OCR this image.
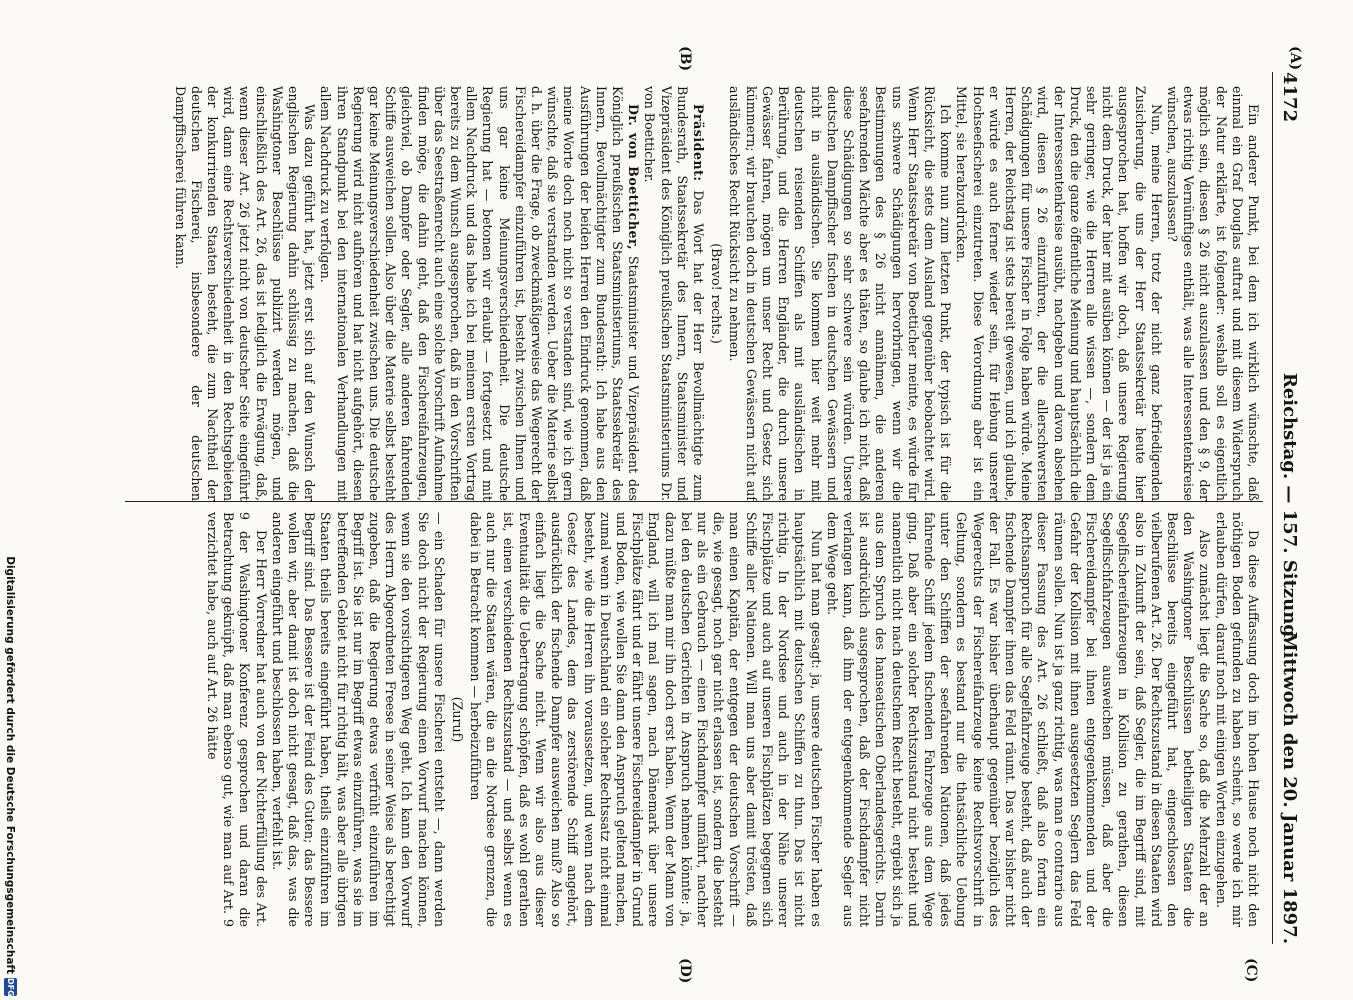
4172
Reichstag. — 157. Sitzung.
Mittwoch den 20. Januar 1897.
(A)
(B)
(C)
(D)

Ein anderer Punkt, bei dem ich wirklich wünschte, daß einmal ein Graf Douglas auftrat und mit diesem Widerspruch der Natur erklärte, ist folgender: weshalb soll es eigentlich möglich sein, diesen § 26 nicht auszulassen und den § 9, der etwas richtig Vernünftiges enthält, was alle Interessentenkreise wünschen, auszulassen?

Nun, meine Herren, trotz der nicht ganz befriedigenden Zusicherung, die uns der Herr Staatssekretär heute hier ausgesprochen hat, hoffen wir doch, daß unsere Regierung nicht dem Druck, der hier mit ausüben können — der ist ja ein sehr geringer, wie die Herren alle wissen —, sondern dem Druck, den die ganze öffentliche Meinung und hauptsächlich die der Interessentenkreise ausübt, nachgeben und davon absehen wird, diesen § 26 einzuführen, der die allerschwersten Schädigungen für unsere Fischer in Folge haben würde. Meine Herren, der Reichstag ist stets bereit gewesen, und ich glaube, er würde es auch ferner wieder sein, für Hebung unserer Hochseefischerei einzutreten. Diese Verordnung aber ist ein Mittel, sie herabzudrücken.

Ich komme nun zum letzten Punkt, der typisch ist für die Rücksicht, die stets dem Ausland gegenüber beobachtet wird. Wenn Herr Staatssekretär von Boetticher meinte, es würde für uns schwere Schädigungen hervorbringen, wenn wir die Bestimmungen des § 26 nicht annähmen, die anderen seefahrenden Mächte aber es thäten, so glaube ich nicht, daß diese Schädigungen so sehr schwere sein würden. Unsere deutschen Dampffischer fischen in deutschen Gewässern und nicht in ausländischen. Sie kommen hier weit mehr mit deutschen reisenden Schiffen als mit ausländischen in Berührung, und die Herren Engländer, die durch unsere Gewässer fahren, mögen um unser Recht und Gesetz sich kümmern; wir brauchen doch in deutschen Gewässern nicht auf ausländisches Recht Rücksicht zu nehmen.

(Bravo! rechts.)

Präsident: Das Wort hat der Herr Bevollmächtigte zum Bundesrath, Staatssekretär des Innern, Staatsminister und Vizepräsident des Königlich preußischen Staatsministeriums Dr. von Boetticher.

Dr. von Boetticher, Staatsminister und Vizepräsident des Königlich preußischen Staatsministeriums, Staatssekretär des Innern, Bevollmächtigter zum Bundesrath: Ich habe aus den Ausführungen der beiden Herren den Eindruck genommen, daß meine Worte doch noch nicht so verstanden sind, wie ich gern wünschte, daß sie verstanden werden. Ueber die Materie selbst d. h. über die Frage, ob zweckmäßigerweise das Wegerecht der Fischereidampfer einzuführen ist, besteht zwischen Ihnen und uns gar keine Meinungsverschiedenheit. Die deutsche Regierung hat — betonen wir erlaubt — fortgesetzt und mit allem Nachdruck und das habe ich bei meinem ersten Vortrag bereits zu dem Wunsch ausgesprochen, daß in den Vorschriften über das Seestraßenrecht auch eine solche Vorschrift Aufnahme finden möge, die dahin geht, daß den Fischereifahrzeugen, gleichviel, ob Dampfer oder Segler, alle anderen fahrenden Schiffe ausweichen sollen. Also über die Materie selbst besteht gar keine Meinungsverschiedenheit zwischen uns. Die deutsche Regierung wird nicht aufhören und hat nicht aufgehört, diesen ihren Standpunkt bei den internationalen Verhandlungen mit allem Nachdruck zu verfolgen.

Was dazu geführt hat, jetzt erst sich auf den Wunsch der englischen Regierung dahin schlüssig zu machen, daß die Washingtoner Beschlüsse publizirt werden mögen, und einschließlich des Art. 26, das ist lediglich die Erwägung, daß, wenn dieser Art. 26 jetzt nicht von deutscher Seite eingeführt wird, dann eine Rechtsverschiedenheit in den Rechtsgebieten der konkurrirenden Staaten besteht, die zum Nachtheil der deutschen Fischerei, insbesondere der deutschen Dampffischerei führen kann.

Da diese Auffassung doch im hohen Hause noch nicht den nöthigen Boden gefunden zu haben scheint, so werde ich mir erlauben dürfen, darauf noch mit einigen Worten einzugehen.

Also zunächst liegt die Sache so, daß die Mehrzahl der an den Washingtoner Beschlüssen betheiligten Staaten die Beschlüsse bereits eingeführt hat, eingeschlossen den vielberufenen Art. 26. Der Rechtszustand in diesen Staaten wird also in Zukunft der sein, daß Segler, die im Begriff sind, mit Segelfischereifahrzeugen in Kollision zu gerathen, diesen Segelfischfahrzeugen ausweichen müssen, daß aber die Fischereidampfer bei ihnen entgegenkommenden und der Gefahr der Kollision mit ihnen ausgesetzten Seglern das Feld räumen sollen. Nun ist ja ganz richtig, was man e contrario aus dieser Fassung des Art. 26 schließt, daß also fortan ein Rechtsanspruch für alle Segelfahrzeuge besteht, daß auch der fischende Dampfer ihnen das Feld räumt. Das war bisher nicht der Fall. Es war bisher überhaupt gegenüber bezüglich des Wegerechts der Fischereifahrzeuge keine Rechtsvorschrift in Geltung, sondern es bestand nur die thatsächliche Uebung unter den Schiffen der seefahrenden Nationen, daß jedes fahrende Schiff jedem fischenden Fahrzeuge aus dem Wege ging. Daß aber ein solcher Rechtszustand nicht besteht und namentlich nicht nach deutschem Recht besteht, ergiebt sich ja aus dem Spruch des hanseatischen Oberlandesgerichts. Darin ist ausdrücklich ausgesprochen, daß der Fischdampfer nicht verlangen kann, daß ihm der entgegenkommende Segler aus dem Wege geht.

Nun hat man gesagt: ja, unsere deutschen Fischer haben es hauptsächlich mit deutschen Schiffen zu thun. Das ist nicht richtig. In der Nordsee und auch in der Nähe unserer Fischplätze und auch auf unseren Fischplätzen begegnen sich Schiffe aller Nationen. Will man uns aber damit trösten, daß man einen Kapitän, der entgegen der deutschen Vorschrift — die, wie gesagt, noch gar nicht erlassen ist, sondern die besteht nur als ein Gebrauch — einen Fischdampfer umfährt, nachher bei den deutschen Gerichten in Anspruch nehmen könnte: ja, dazu müßte man mir ihn doch erst haben. Wenn der Mann von England, will ich mal sagen, nach Dänemark über unsere Fischplätze fährt und er fährt unsere Fischereidampfer in Grund und Boden, wie wollen Sie dann den Anspruch geltend machen, zumal wenn in Deutschland ein solcher Rechtssatz nicht einmal besteht, wie die Herren ihn voraussetzen, und wenn nach dem Gesetz des Landes, dem das zerstörende Schiff angehört, ausdrücklich der fischende Dampfer ausweichen muß? Also so einfach liegt die Sache nicht. Wenn wir also aus dieser Eventualität die Uebertragung schöpfen, daß es wohl gerathen ist, einen verschiedenen Rechtszustand — und selbst wenn es auch nur die Staaten wären, die an die Nordsee grenzen, die dabei in Betracht kommen — herbeizuführen

(Zuruf)

— ein Schaden für unsere Fischerei entsteht —, dann werden Sie doch nicht der Regierung einen Vorwurf machen können, wenn sie den vorsichtigeren Weg geht. Ich kann den Vorwurf des Herrn Abgeordneten Freese in seiner Weise als berechtigt zugeben, daß die Regierung etwas verfrüht einzuführen im Begriff ist. Sie ist nur im Begriff etwas einzuführen, was sie im betreffenden Gebiet nicht für richtig hält, was aber alle übrigen Staaten theils bereits eingeführt haben, theils einzuführen im Begriff sind. Das Bessere ist der Feind des Guten; das Bessere wollen wir, aber damit ist doch nicht gesagt, daß das, was die anderen eingeführt und beschlossen haben, verfehlt ist.

Der Herr Vorredner hat auch von der Nichterfüllung des Art. 9 der Washingtoner Konferenz gesprochen und daran die Betrachtung geknüpft, daß man ebenso gut, wie man auf Art. 9 verzichtet habe, auch auf Art. 26 hätte

Digitalisierung gefördert durch die Deutsche Forschungsgemeinschaft
DFG
